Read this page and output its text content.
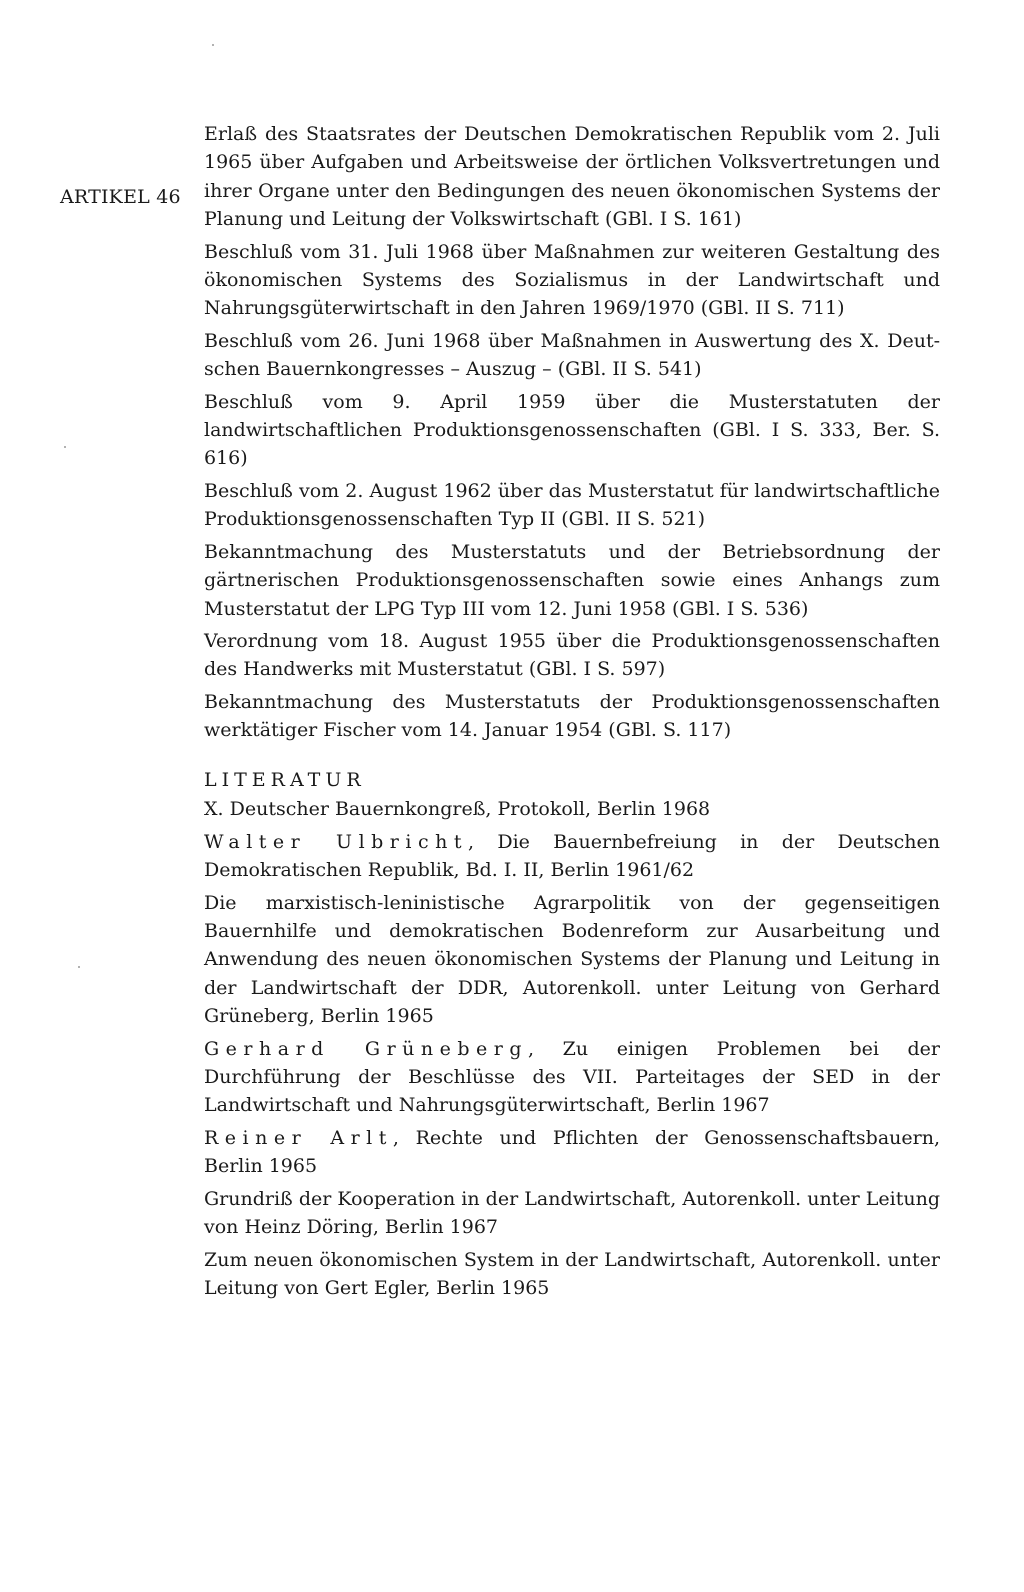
ARTIKEL 46

Erlaß des Staatsrates der Deutschen Demokratischen Republik vom 2. Juli 1965 über Aufgaben und Arbeitsweise der örtlichen Volksvertretungen und ihrer Organe unter den Bedingungen des neuen ökonomischen Systems der Planung und Leitung der Volkswirtschaft (GBl. I S. 161)

Beschluß vom 31. Juli 1968 über Maßnahmen zur weiteren Gestaltung des ökonomischen Systems des Sozialismus in der Landwirtschaft und Nahrungsgüterwirtschaft in den Jahren 1969/1970 (GBl. II S. 711)

Beschluß vom 26. Juni 1968 über Maßnahmen in Auswertung des X. Deutschen Bauernkongresses – Auszug – (GBl. II S. 541)

Beschluß vom 9. April 1959 über die Musterstatuten der landwirtschaftlichen Produktionsgenossenschaften (GBl. I S. 333, Ber. S. 616)

Beschluß vom 2. August 1962 über das Musterstatut für landwirtschaftliche Produktionsgenossenschaften Typ II (GBl. II S. 521)

Bekanntmachung des Musterstatuts und der Betriebsordnung der gärtnerischen Produktionsgenossenschaften sowie eines Anhangs zum Musterstatut der LPG Typ III vom 12. Juni 1958 (GBl. I S. 536)

Verordnung vom 18. August 1955 über die Produktionsgenossenschaften des Handwerks mit Musterstatut (GBl. I S. 597)

Bekanntmachung des Musterstatuts der Produktionsgenossenschaften werktätiger Fischer vom 14. Januar 1954 (GBl. S. 117)

LITERATUR

X. Deutscher Bauernkongreß, Protokoll, Berlin 1968

Walter Ulbricht, Die Bauernbefreiung in der Deutschen Demokratischen Republik, Bd. I. II, Berlin 1961/62

Die marxistisch-leninistische Agrarpolitik von der gegenseitigen Bauernhilfe und demokratischen Bodenreform zur Ausarbeitung und Anwendung des neuen ökonomischen Systems der Planung und Leitung in der Landwirtschaft der DDR, Autorenkoll. unter Leitung von Gerhard Grüneberg, Berlin 1965

Gerhard Grüneberg, Zu einigen Problemen bei der Durchführung der Beschlüsse des VII. Parteitages der SED in der Landwirtschaft und Nahrungsgüterwirtschaft, Berlin 1967

Reiner Arlt, Rechte und Pflichten der Genossenschaftsbauern, Berlin 1965

Grundriß der Kooperation in der Landwirtschaft, Autorenkoll. unter Leitung von Heinz Döring, Berlin 1967

Zum neuen ökonomischen System in der Landwirtschaft, Autorenkoll. unter Leitung von Gert Egler, Berlin 1965
